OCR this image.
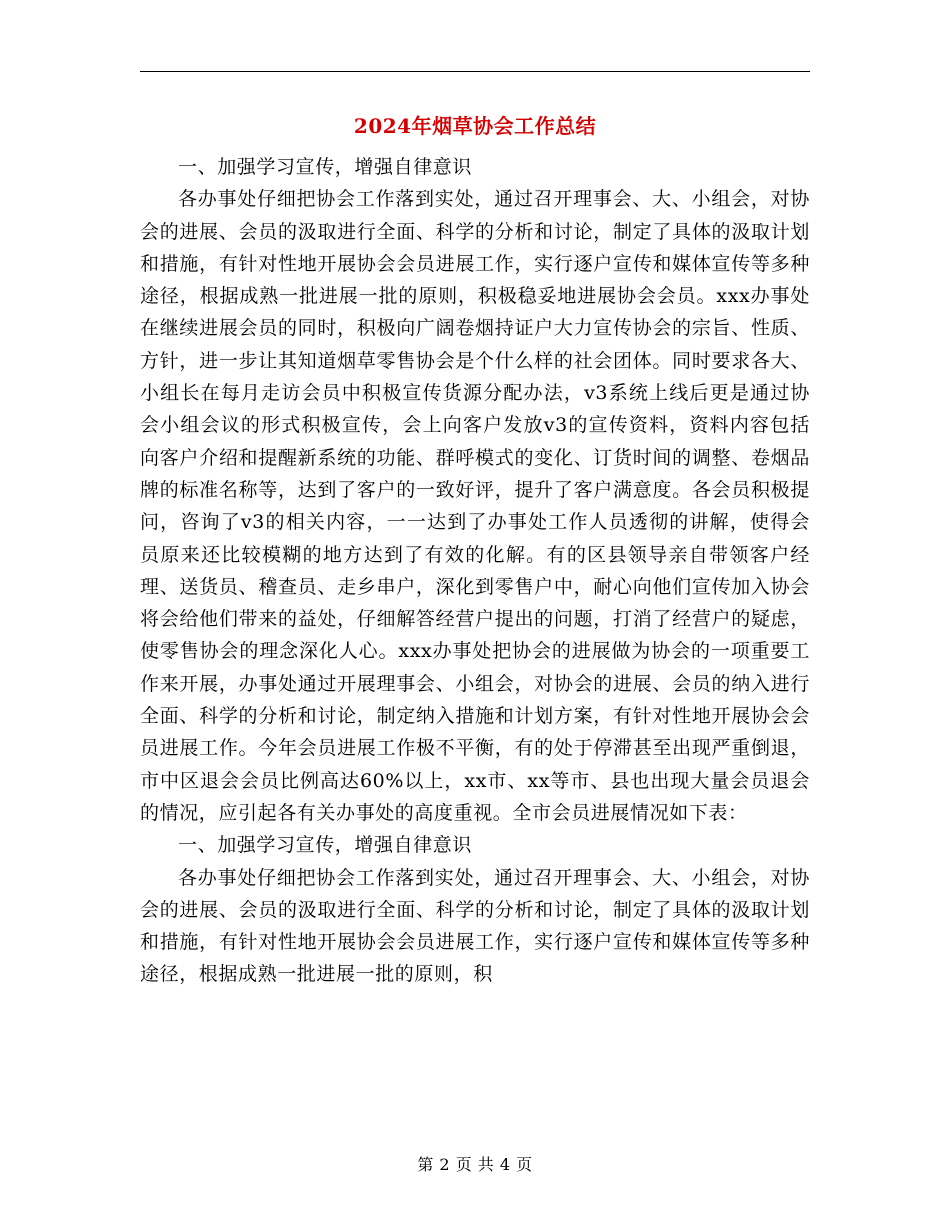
2024年烟草协会工作总结

一、加强学习宣传，增强自律意识

各办事处仔细把协会工作落到实处，通过召开理事会、大、小组会，对协会的进展、会员的汲取进行全面、科学的分析和讨论，制定了具体的汲取计划和措施，有针对性地开展协会会员进展工作，实行逐户宣传和媒体宣传等多种途径，根据成熟一批进展一批的原则，积极稳妥地进展协会会员。xxx办事处在继续进展会员的同时，积极向广阔卷烟持证户大力宣传协会的宗旨、性质、方针，进一步让其知道烟草零售协会是个什么样的社会团体。同时要求各大、小组长在每月走访会员中积极宣传货源分配办法，v3系统上线后更是通过协会小组会议的形式积极宣传，会上向客户发放v3的宣传资料，资料内容包括向客户介绍和提醒新系统的功能、群呼模式的变化、订货时间的调整、卷烟品牌的标准名称等，达到了客户的一致好评，提升了客户满意度。各会员积极提问，咨询了v3的相关内容，一一达到了办事处工作人员透彻的讲解，使得会员原来还比较模糊的地方达到了有效的化解。有的区县领导亲自带领客户经理、送货员、稽查员、走乡串户，深化到零售户中，耐心向他们宣传加入协会将会给他们带来的益处，仔细解答经营户提出的问题，打消了经营户的疑虑，使零售协会的理念深化人心。xxx办事处把协会的进展做为协会的一项重要工作来开展，办事处通过开展理事会、小组会，对协会的进展、会员的纳入进行全面、科学的分析和讨论，制定纳入措施和计划方案，有针对性地开展协会会员进展工作。今年会员进展工作极不平衡，有的处于停滞甚至出现严重倒退，市中区退会会员比例高达60%以上，xx市、xx等市、县也出现大量会员退会的情况，应引起各有关办事处的高度重视。全市会员进展情况如下表：

一、加强学习宣传，增强自律意识

各办事处仔细把协会工作落到实处，通过召开理事会、大、小组会，对协会的进展、会员的汲取进行全面、科学的分析和讨论，制定了具体的汲取计划和措施，有针对性地开展协会会员进展工作，实行逐户宣传和媒体宣传等多种途径，根据成熟一批进展一批的原则，积

第 2 页 共 4 页
